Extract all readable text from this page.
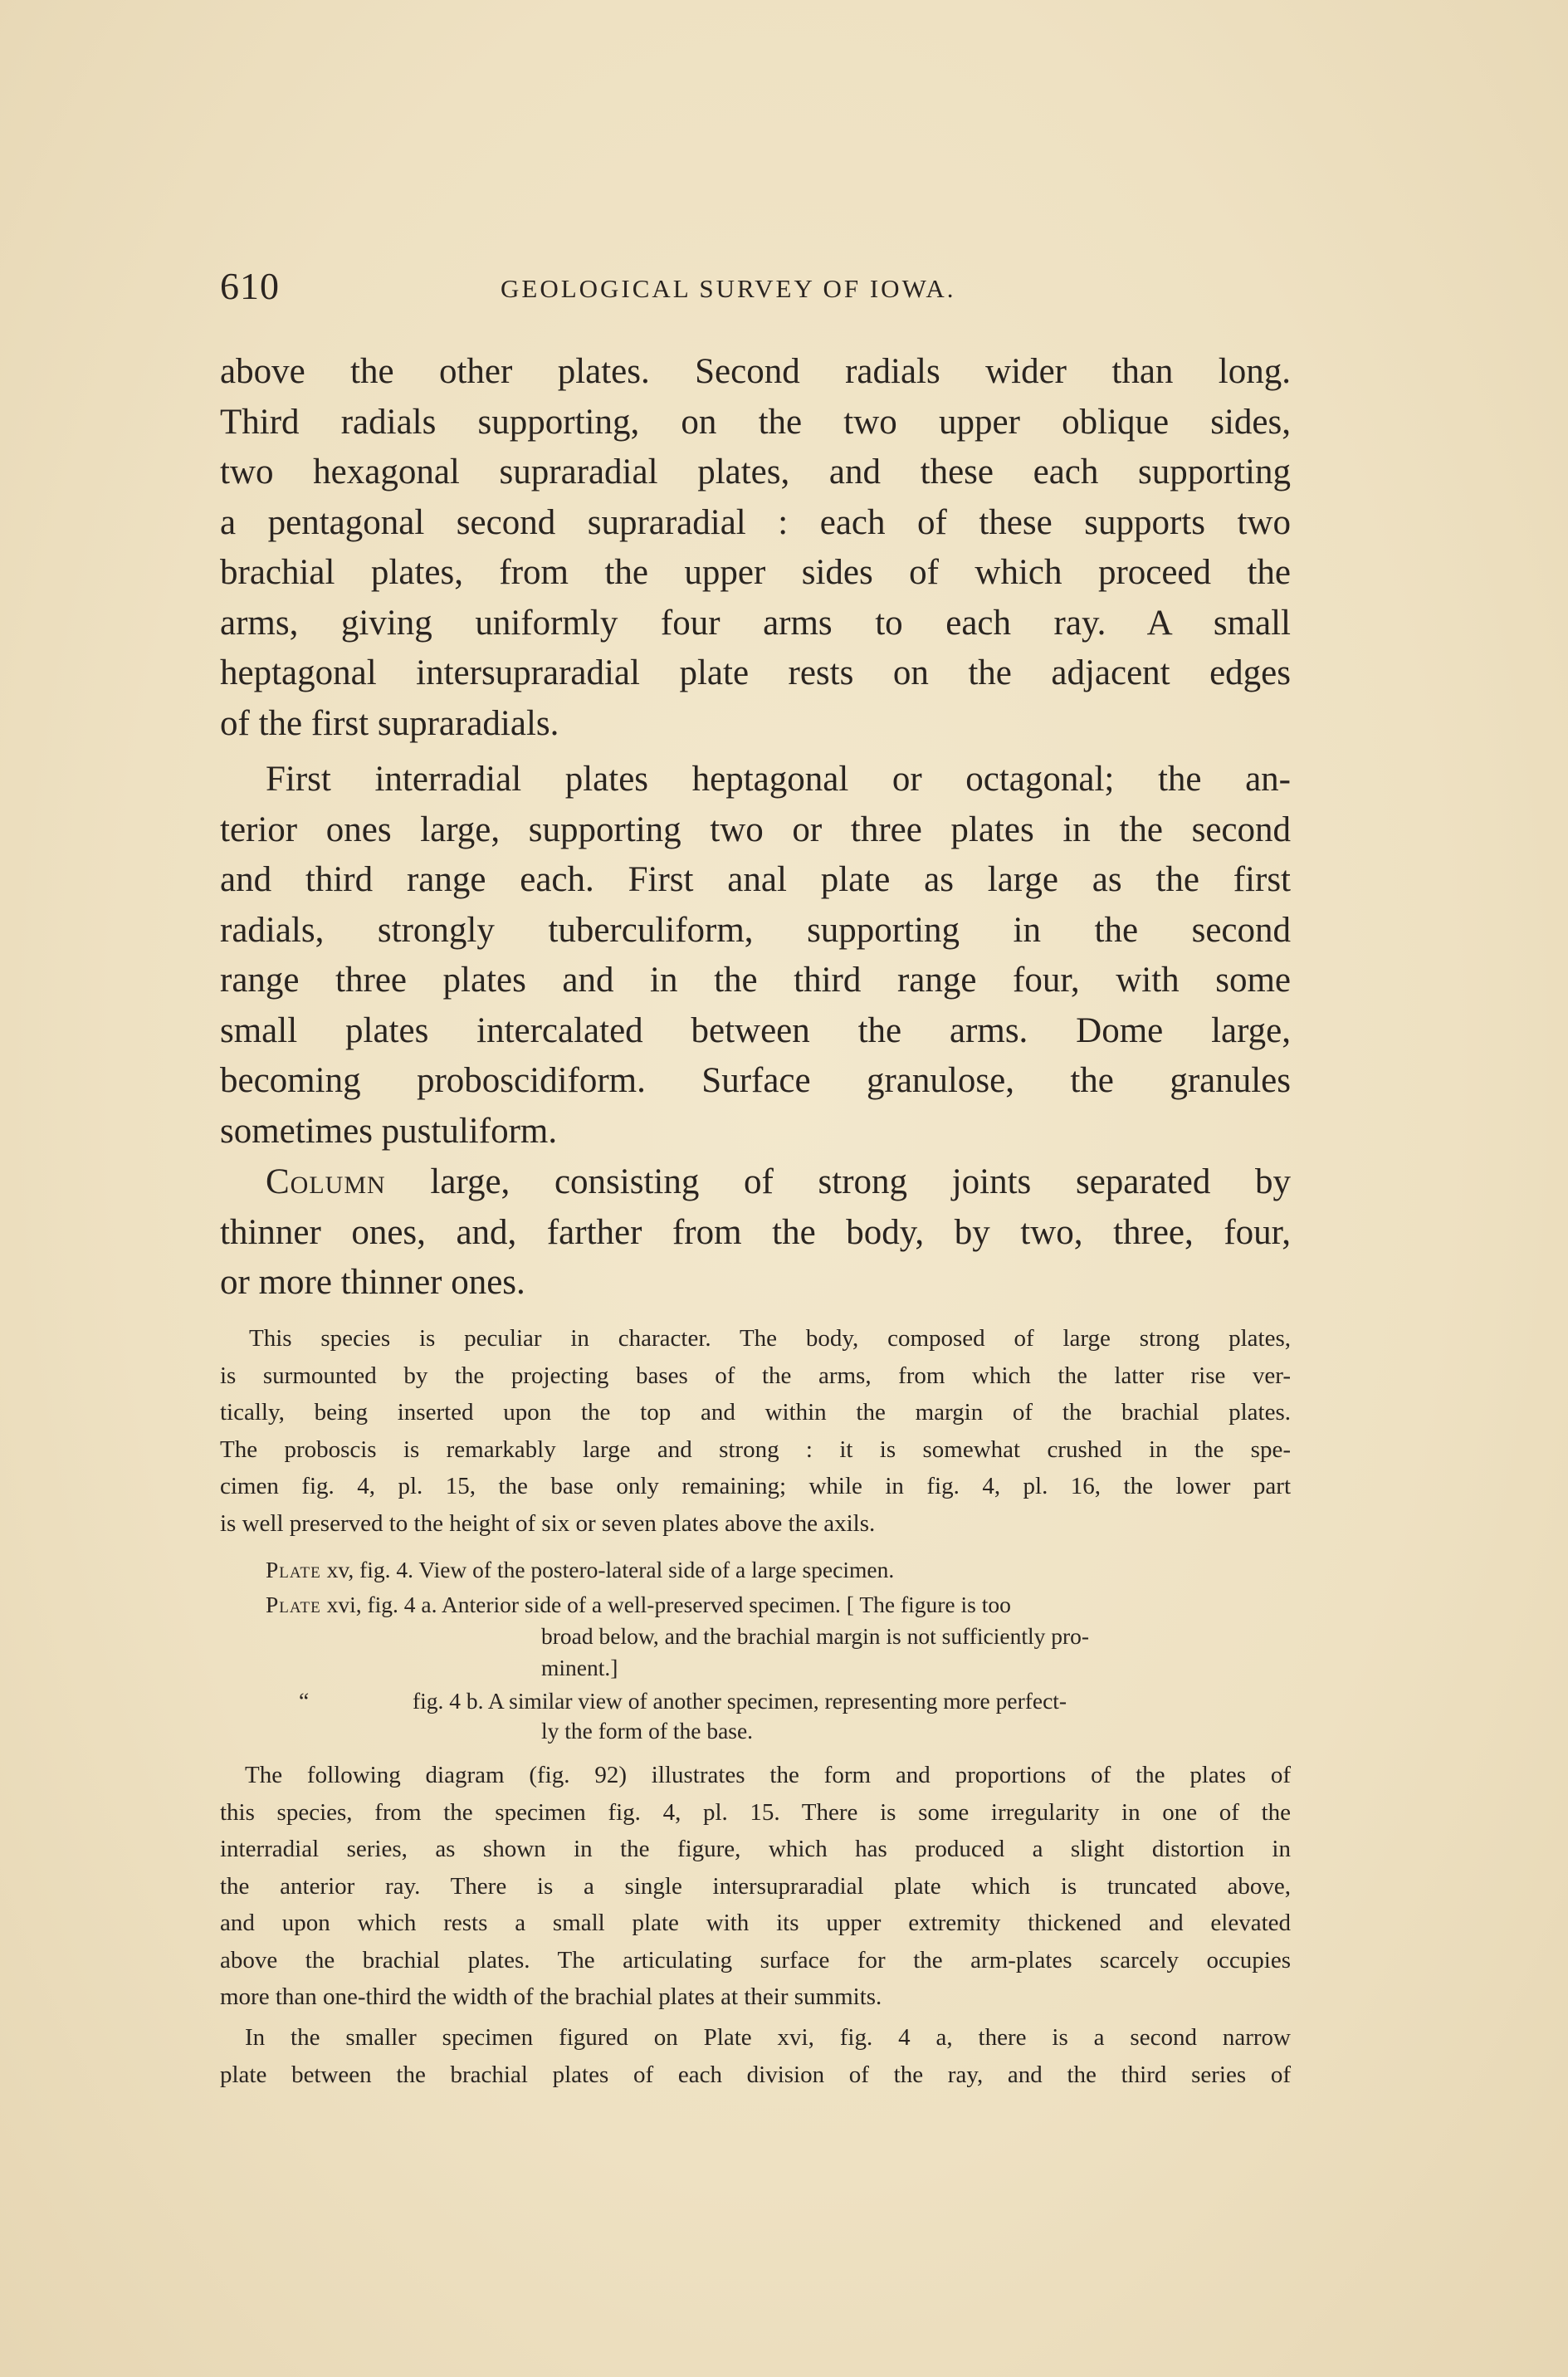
610	GEOLOGICAL SURVEY OF IOWA.
above the other plates. Second radials wider than long.
Third radials supporting, on the two upper oblique sides,
two hexagonal supraradial plates, and these each supporting
a pentagonal second supraradial : each of these supports two
brachial plates, from the upper sides of which proceed the
arms, giving uniformly four arms to each ray. A small
heptagonal intersupraradial plate rests on the adjacent edges
of the first supraradials.
First interradial plates heptagonal or octagonal; the an-
terior ones large, supporting two or three plates in the second
and third range each. First anal plate as large as the first
radials, strongly tuberculiform, supporting in the second
range three plates and in the third range four, with some
small plates intercalated between the arms. Dome large,
becoming proboscidiform. Surface granulose, the granules
sometimes pustuliform.
Column large, consisting of strong joints separated by
thinner ones, and, farther from the body, by two, three, four,
or more thinner ones.
This species is peculiar in character. The body, composed of large strong plates,
is surmounted by the projecting bases of the arms, from which the latter rise ver-
tically, being inserted upon the top and within the margin of the brachial plates.
The proboscis is remarkably large and strong : it is somewhat crushed in the spe-
cimen fig. 4, pl. 15, the base only remaining; while in fig. 4, pl. 16, the lower part
is well preserved to the height of six or seven plates above the axils.
Plate xv, fig. 4. View of the postero-lateral side of a large specimen.
Plate xvi, fig. 4 a. Anterior side of a well-preserved specimen. [ The figure is too
broad below, and the brachial margin is not sufficiently pro-
minent.]
“	fig. 4 b. A similar view of another specimen, representing more perfect-
ly the form of the base.
The following diagram (fig. 92) illustrates the form and proportions of the plates of
this species, from the specimen fig. 4, pl. 15. There is some irregularity in one of the
interradial series, as shown in the figure, which has produced a slight distortion in
the anterior ray. There is a single intersupraradial plate which is truncated above,
and upon which rests a small plate with its upper extremity thickened and elevated
above the brachial plates. The articulating surface for the arm-plates scarcely occupies
more than one-third the width of the brachial plates at their summits.
In the smaller specimen figured on Plate xvi, fig. 4 a, there is a second narrow
plate between the brachial plates of each division of the ray, and the third series of
